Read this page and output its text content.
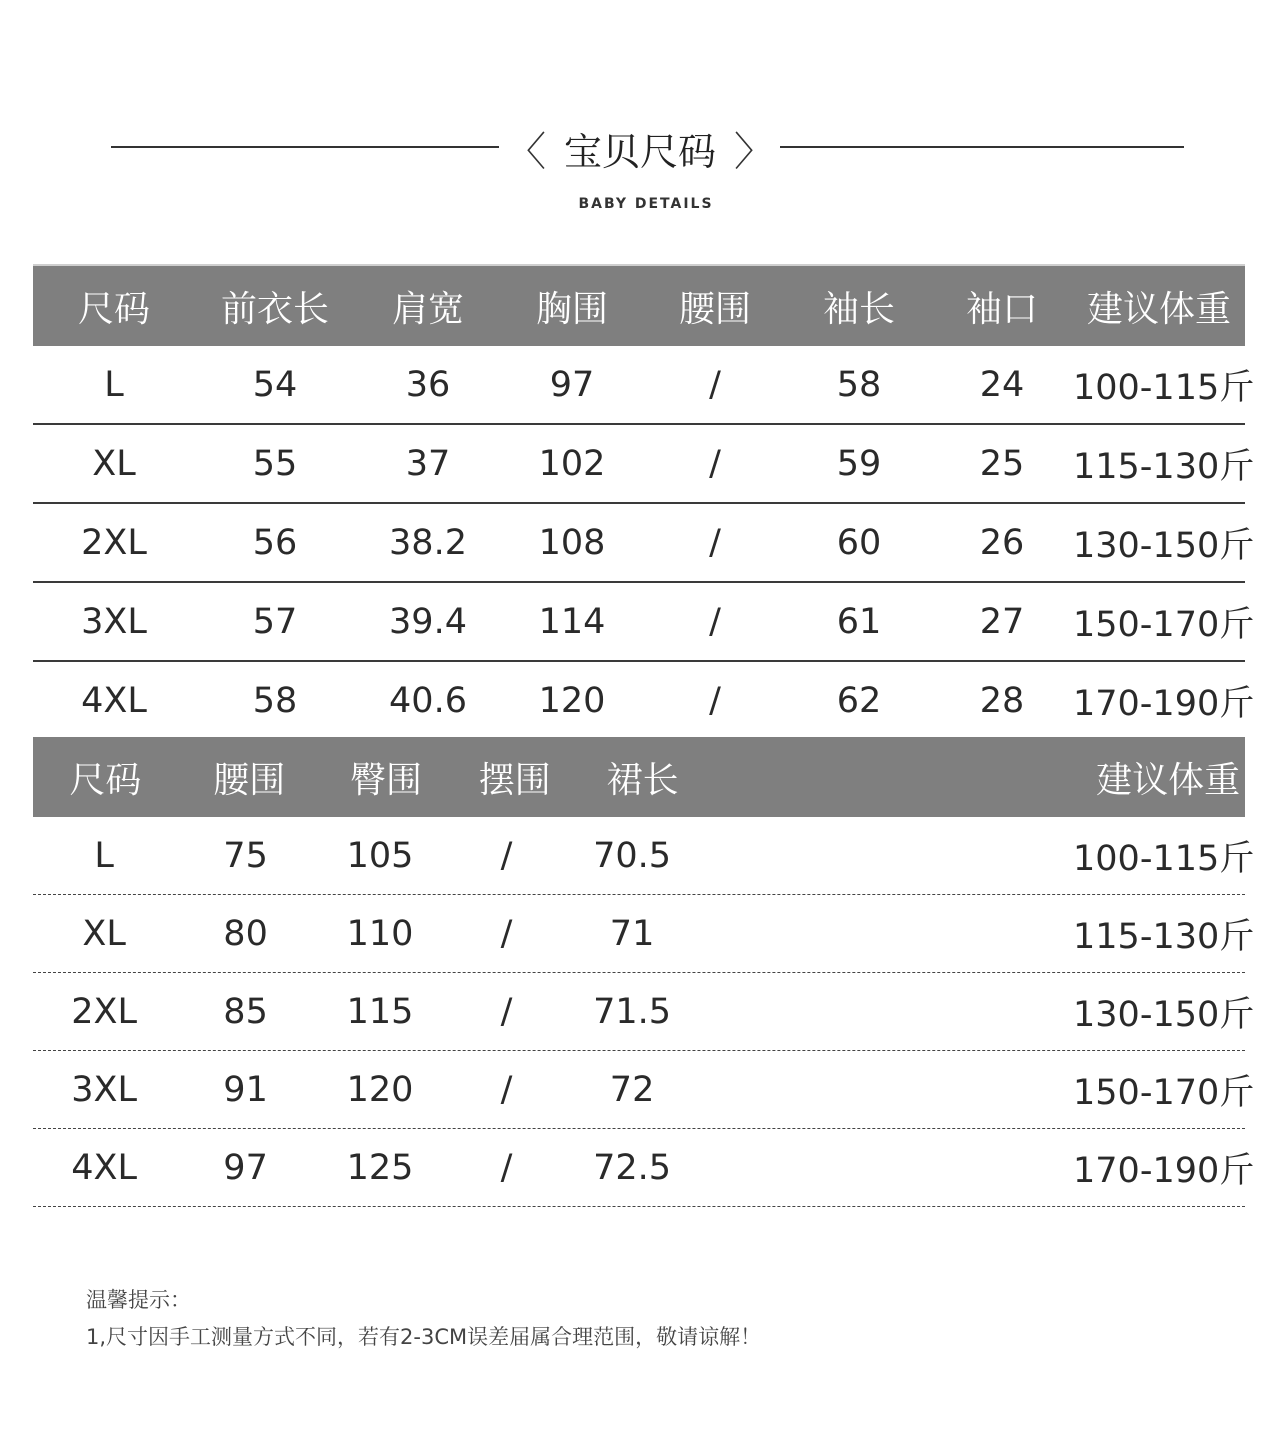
〈 宝贝尺码 〉
BABY DETAILS
尺码	前衣长	肩宽	胸围	腰围	袖长	袖口	建议体重
L	54	36	97	/	58	24	100-115斤
XL	55	37	102	/	59	25	115-130斤
2XL	56	38.2	108	/	60	26	130-150斤
3XL	57	39.4	114	/	61	27	150-170斤
4XL	58	40.6	120	/	62	28	170-190斤
尺码	腰围	臀围	摆围	裙长	建议体重
L	75	105	/	70.5	100-115斤
XL	80	110	/	71	115-130斤
2XL	85	115	/	71.5	130-150斤
3XL	91	120	/	72	150-170斤
4XL	97	125	/	72.5	170-190斤
温馨提示：
1,尺寸因手工测量方式不同，若有2-3CM误差届属合理范围，敬请谅解！
